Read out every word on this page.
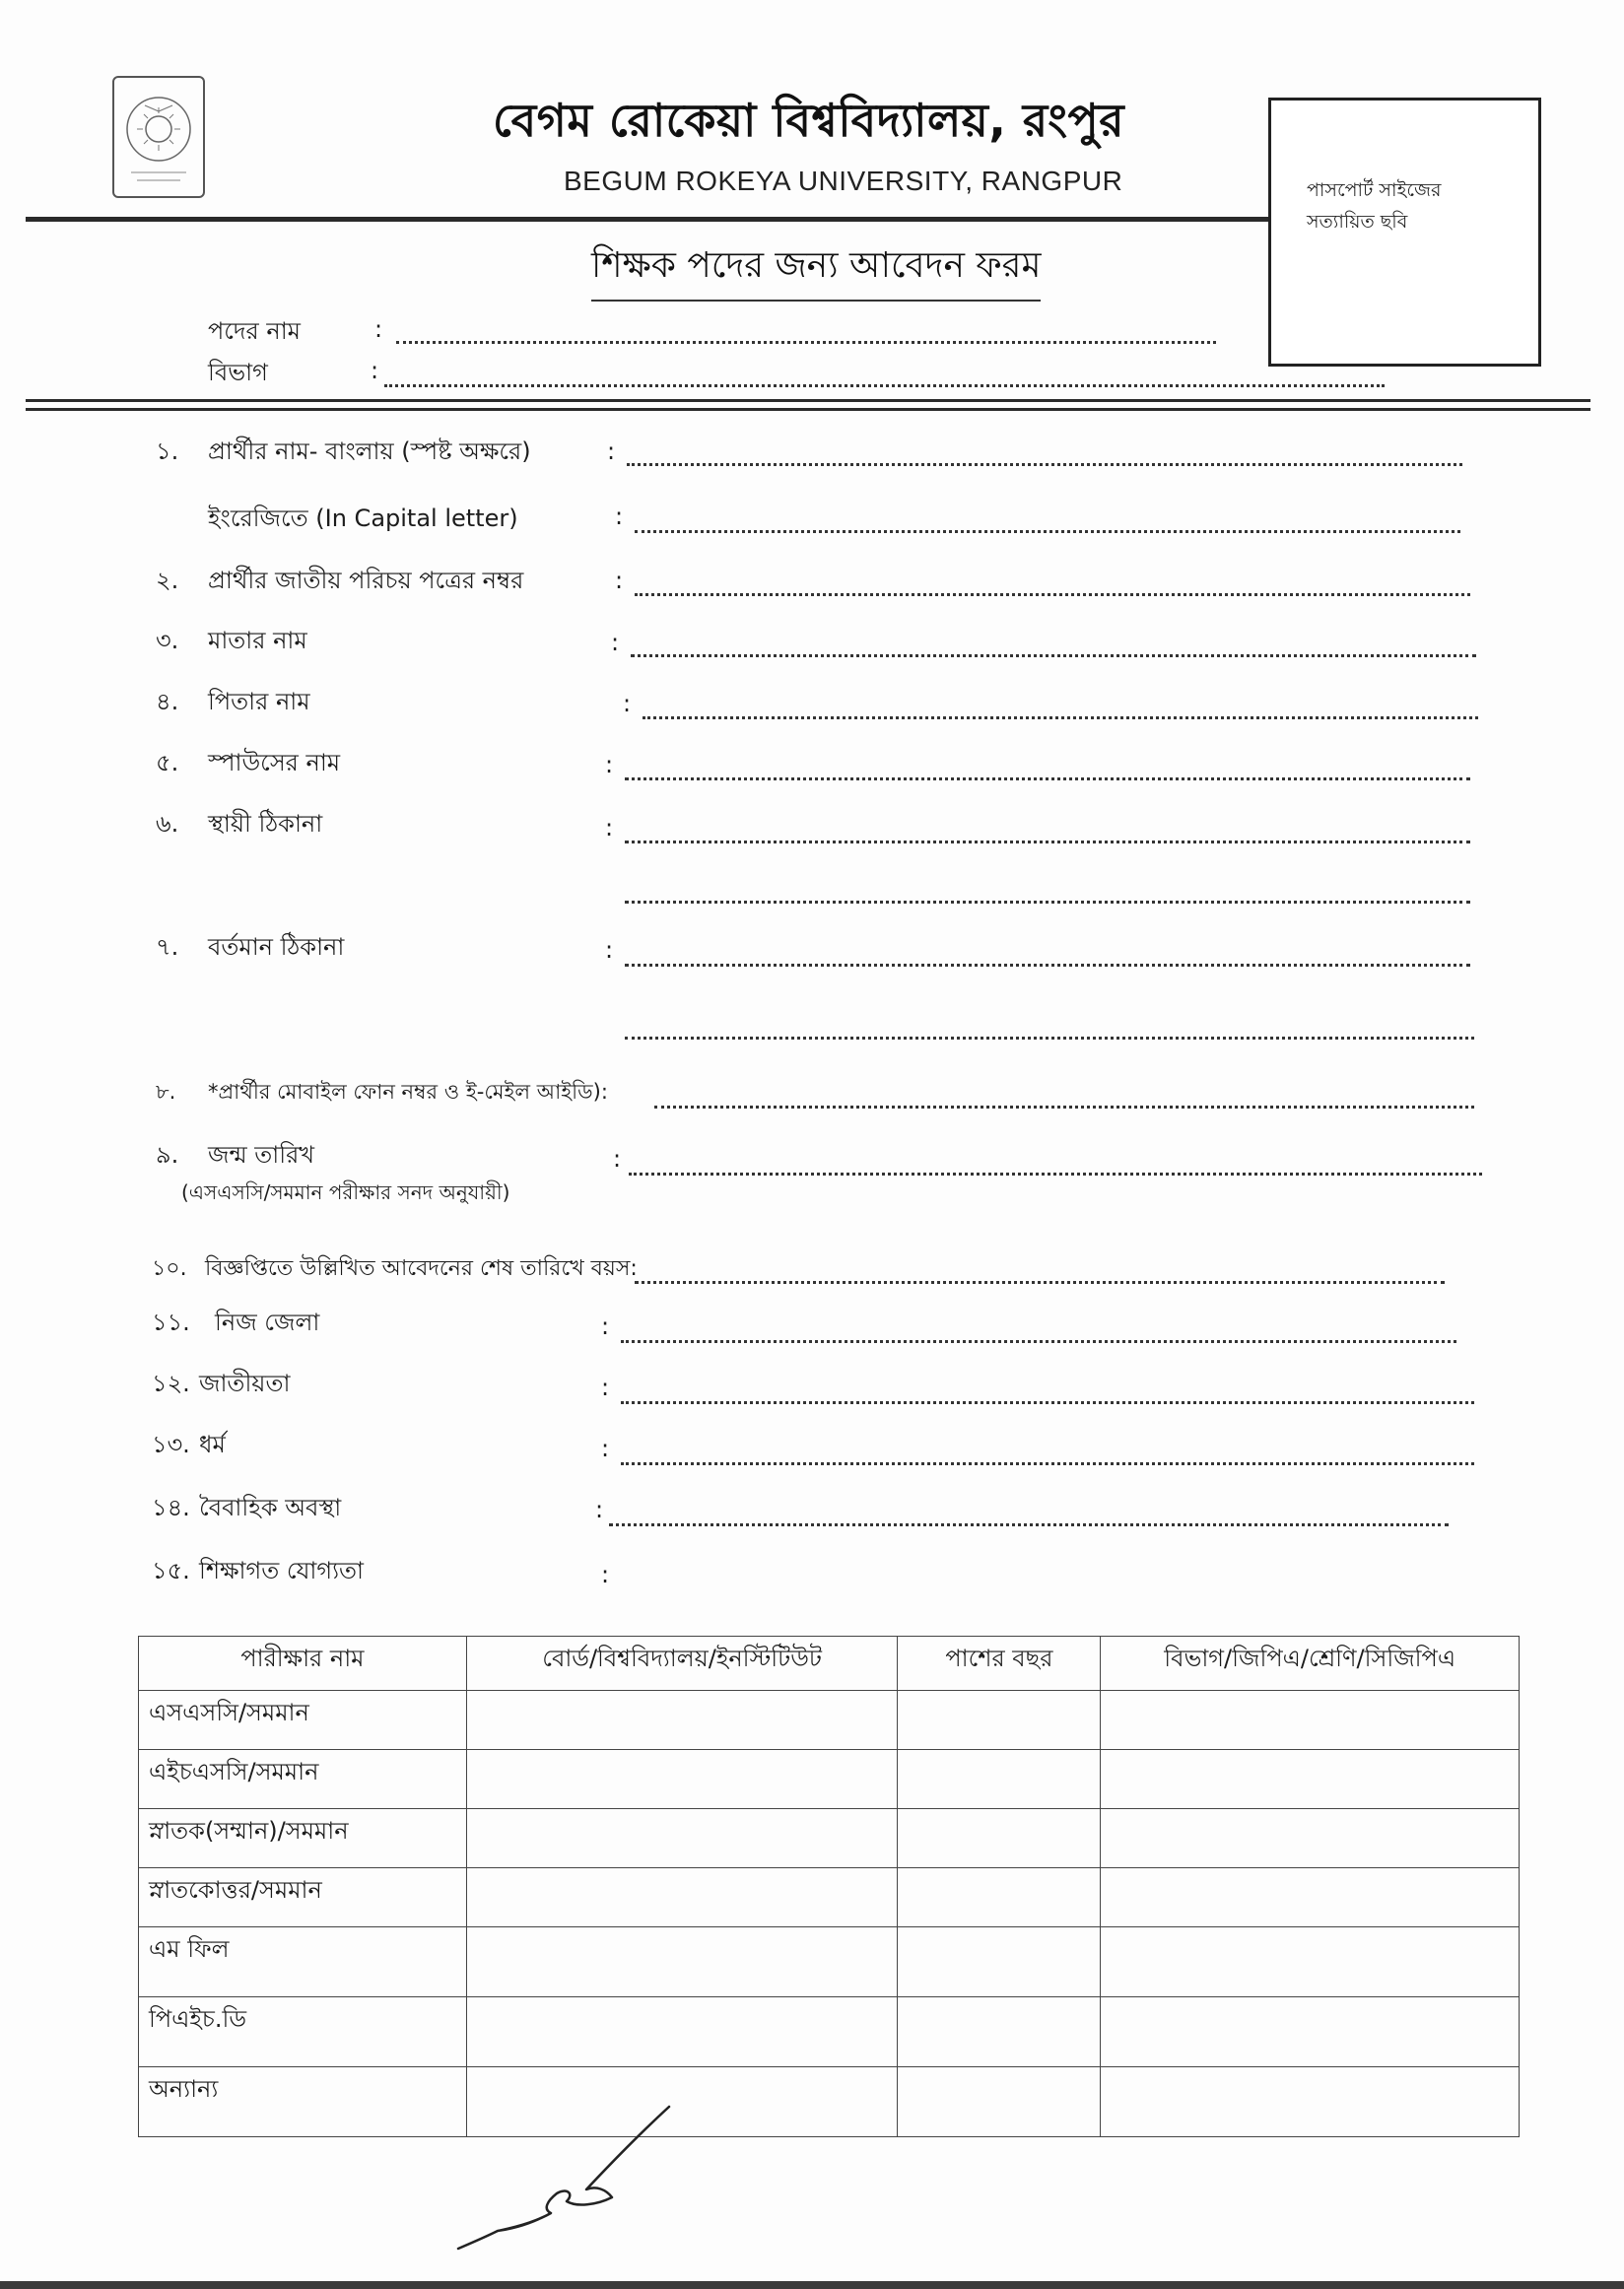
বেগম রোকেয়া বিশ্ববিদ্যালয়, রংপুর
BEGUM ROKEYA UNIVERSITY, RANGPUR	পাসপোর্ট সাইজের
সত্যায়িত ছবি
শিক্ষক পদের জন্য আবেদন ফরম
পদের নাম	:
বিভাগ	:
১. প্রার্থীর নাম- বাংলায় (স্পষ্ট অক্ষরে)	:
ইংরেজিতে (In Capital letter)	:
২. প্রার্থীর জাতীয় পরিচয় পত্রের নম্বর	:
৩. মাতার নাম	:
৪. পিতার নাম	:
৫. স্পাউসের নাম	:
৬. স্থায়ী ঠিকানা	:
৭. বর্তমান ঠিকানা	:
৮. *প্রার্থীর মোবাইল ফোন নম্বর ও ই-মেইল আইডি):
৯. জন্ম তারিখ
(এসএসসি/সমমান পরীক্ষার সনদ অনুযায়ী)
:
১০. বিজ্ঞপ্তিতে উল্লিখিত আবেদনের শেষ তারিখে বয়স:
১১. নিজ জেলা	:
১২. জাতীয়তা	:
১৩. ধর্ম	:
১৪. বৈবাহিক অবস্থা	:
১৫. শিক্ষাগত যোগ্যতা	:
পারীক্ষার নাম	বোর্ড/বিশ্ববিদ্যালয়/ইনস্টিটিউট	পাশের বছর	বিভাগ/জিপিএ/শ্রেণি/সিজিপিএ
এসএসসি/সমমান			
এইচএসসি/সমমান			
স্নাতক(সম্মান)/সমমান			
স্নাতকোত্তর/সমমান			
এম ফিল			
পিএইচ.ডি			
অন্যান্য			
